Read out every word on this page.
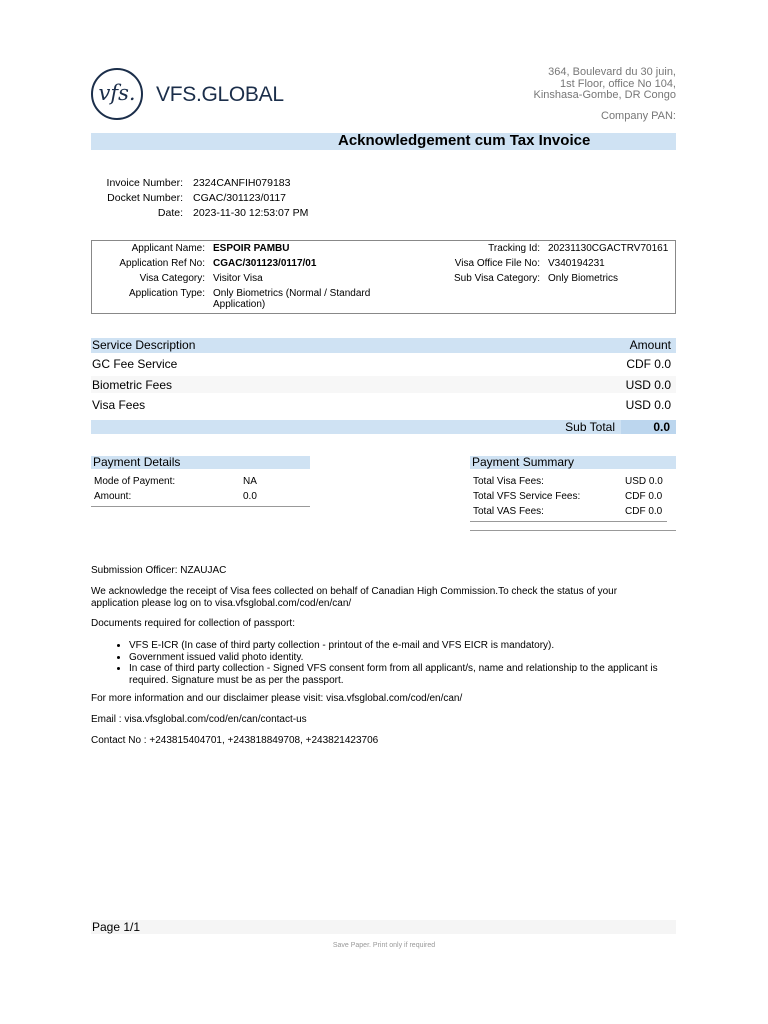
vfs. VFS.GLOBAL
364, Boulevard du 30 juin,
1st Floor, office No 104,
Kinshasa-Gombe, DR Congo
Company PAN:
Acknowledgement cum Tax Invoice
Invoice Number: 2324CANFIH079183
Docket Number: CGAC/301123/0117
Date: 2023-11-30 12:53:07 PM
Applicant Name: ESPOIR PAMBU
Application Ref No: CGAC/301123/0117/01
Visa Category: Visitor Visa
Application Type: Only Biometrics (Normal / Standard
Application)
Tracking Id: 20231130CGACTRV70161
Visa Office File No: V340194231
Sub Visa Category: Only Biometrics
Service Description	Amount
GC Fee Service	CDF 0.0
Biometric Fees	USD 0.0
Visa Fees	USD 0.0
Sub Total	0.0
Payment Details
Mode of Payment:	NA
Amount:	0.0
Payment Summary
Total Visa Fees:	USD 0.0
Total VFS Service Fees:	CDF 0.0
Total VAS Fees:	CDF 0.0
Submission Officer: NZAUJAC
We acknowledge the receipt of Visa fees collected on behalf of Canadian High Commission.To check the status of your
application please log on to visa.vfsglobal.com/cod/en/can/
Documents required for collection of passport:
• VFS E-ICR (In case of third party collection - printout of the e-mail and VFS EICR is mandatory).
• Government issued valid photo identity.
• In case of third party collection - Signed VFS consent form from all applicant/s, name and relationship to the applicant is required. Signature must be as per the passport.
For more information and our disclaimer please visit: visa.vfsglobal.com/cod/en/can/
Email : visa.vfsglobal.com/cod/en/can/contact-us
Contact No : +243815404701, +243818849708, +243821423706
Page 1/1
Save Paper. Print only if required
